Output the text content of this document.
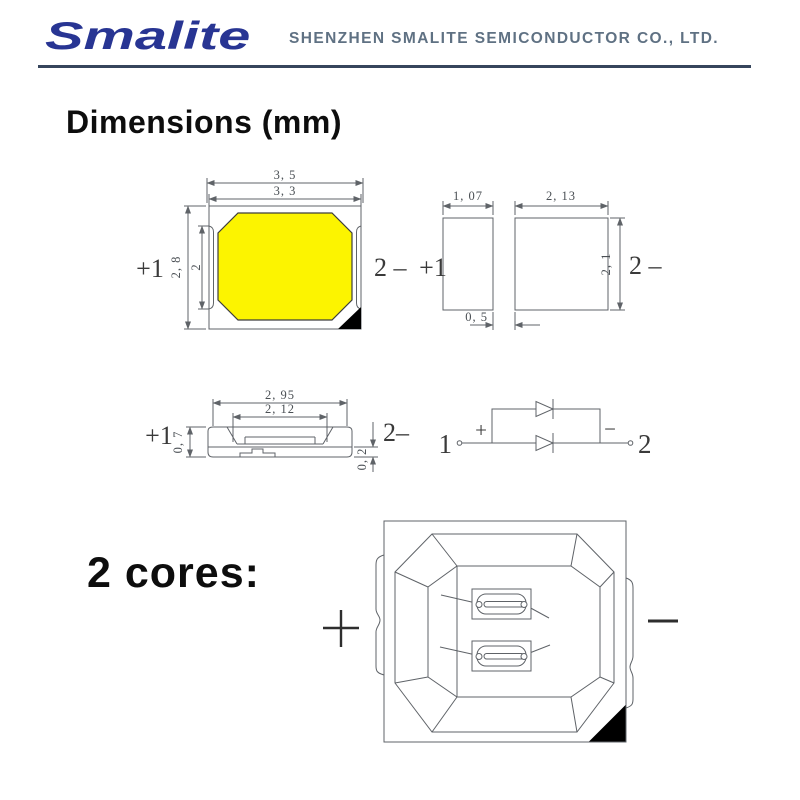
Smalite SHENZHEN SMALITE SEMICONDUCTOR CO., LTD.
Dimensions (mm)
2 cores:
3, 5
3, 3
2, 8 2
+1	2 –
1, 07	2, 13
0, 5
2, 1
+1	2 –
2, 95
2, 12
0, 7
0, 2
+1	2– 1 +	− 2
